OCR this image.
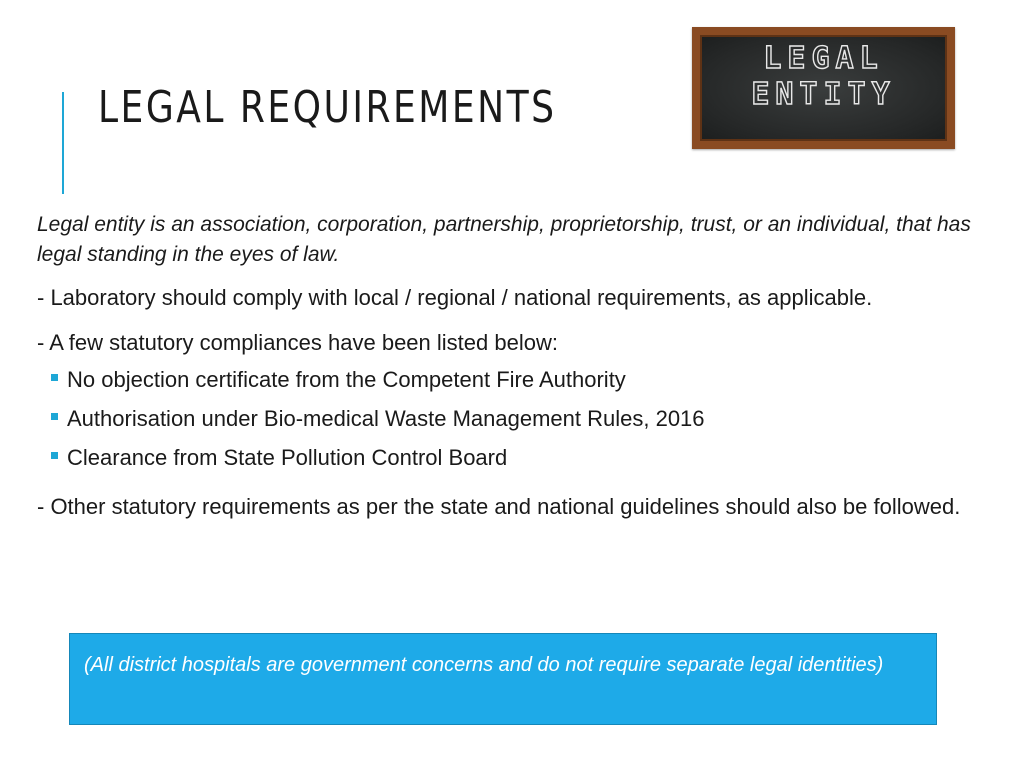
LEGAL REQUIREMENTS
LEGAL
ENTITY

Legal entity is an association, corporation, partnership, proprietorship, trust, or an individual, that has legal standing in the eyes of law.

- Laboratory should comply with local / regional / national requirements, as applicable.

- A few statutory compliances have been listed below:

No objection certificate from the Competent Fire Authority
Authorisation under Bio-medical Waste Management Rules, 2016
Clearance from State Pollution Control Board

- Other statutory requirements as per the state and national guidelines should also be followed.

(All district hospitals are government concerns and do not require separate legal identities)
